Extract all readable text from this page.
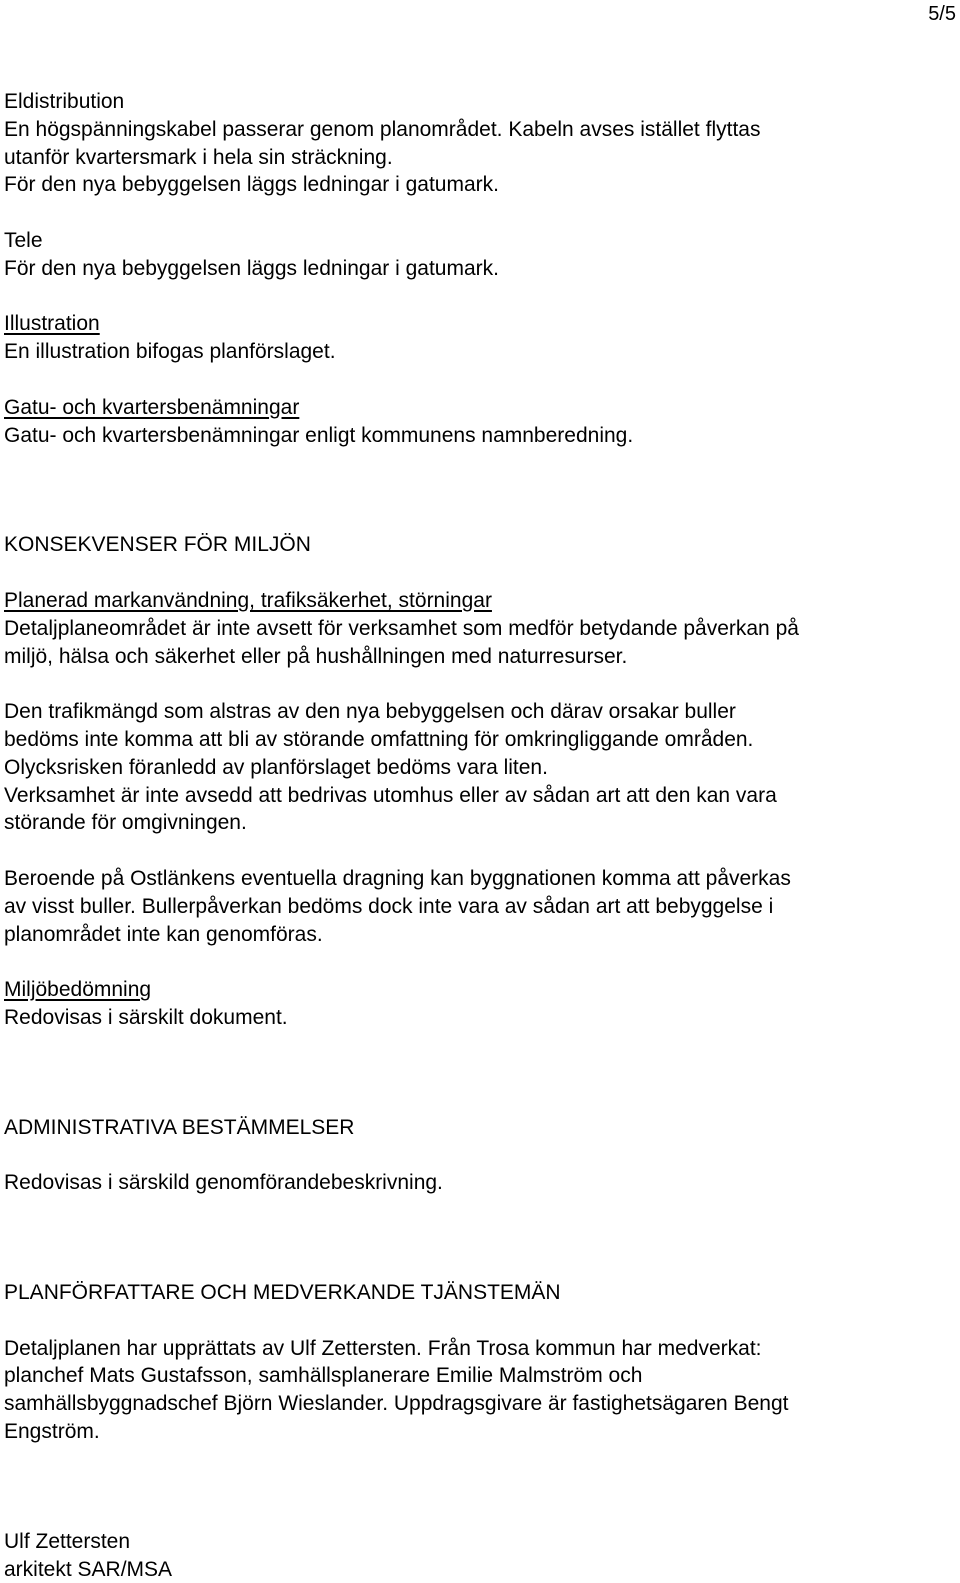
5/5
Eldistribution
En högspänningskabel passerar genom planområdet. Kabeln avses istället flyttas
utanför kvartersmark i hela sin sträckning.
För den nya bebyggelsen läggs ledningar i gatumark.
Tele
För den nya bebyggelsen läggs ledningar i gatumark.
Illustration
En illustration bifogas planförslaget.
Gatu- och kvartersbenämningar
Gatu- och kvartersbenämningar enligt kommunens namnberedning.
KONSEKVENSER FÖR MILJÖN
Planerad markanvändning, trafiksäkerhet, störningar
Detaljplaneområdet är inte avsett för verksamhet som medför betydande påverkan på
miljö, hälsa och säkerhet eller på hushållningen med naturresurser.
Den trafikmängd som alstras av den nya bebyggelsen och därav orsakar buller
bedöms inte komma att bli av störande omfattning för omkringliggande områden.
Olycksrisken föranledd av planförslaget bedöms vara liten.
Verksamhet är inte avsedd att bedrivas utomhus eller av sådan art att den kan vara
störande för omgivningen.
Beroende på Ostlänkens eventuella dragning kan byggnationen komma att påverkas
av visst buller. Bullerpåverkan bedöms dock inte vara av sådan art att bebyggelse i
planområdet inte kan genomföras.
Miljöbedömning
Redovisas i särskilt dokument.
ADMINISTRATIVA BESTÄMMELSER
Redovisas i särskild genomförandebeskrivning.
PLANFÖRFATTARE OCH MEDVERKANDE TJÄNSTEMÄN
Detaljplanen har upprättats av Ulf Zettersten. Från Trosa kommun har medverkat:
planchef Mats Gustafsson, samhällsplanerare Emilie Malmström och
samhällsbyggnadschef Björn Wieslander. Uppdragsgivare är fastighetsägaren Bengt
Engström.
Ulf Zettersten
arkitekt SAR/MSA
